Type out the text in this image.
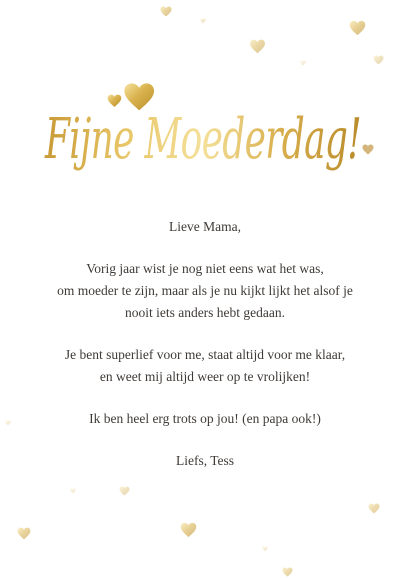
Fijne Moederdag!

Lieve Mama,

Vorig jaar wist je nog niet eens wat het was,

om moeder te zijn, maar als je nu kijkt lijkt het alsof je

nooit iets anders hebt gedaan.

Je bent superlief voor me, staat altijd voor me klaar,

en weet mij altijd weer op te vrolijken!

Ik ben heel erg trots op jou! (en papa ook!)

Liefs, Tess
